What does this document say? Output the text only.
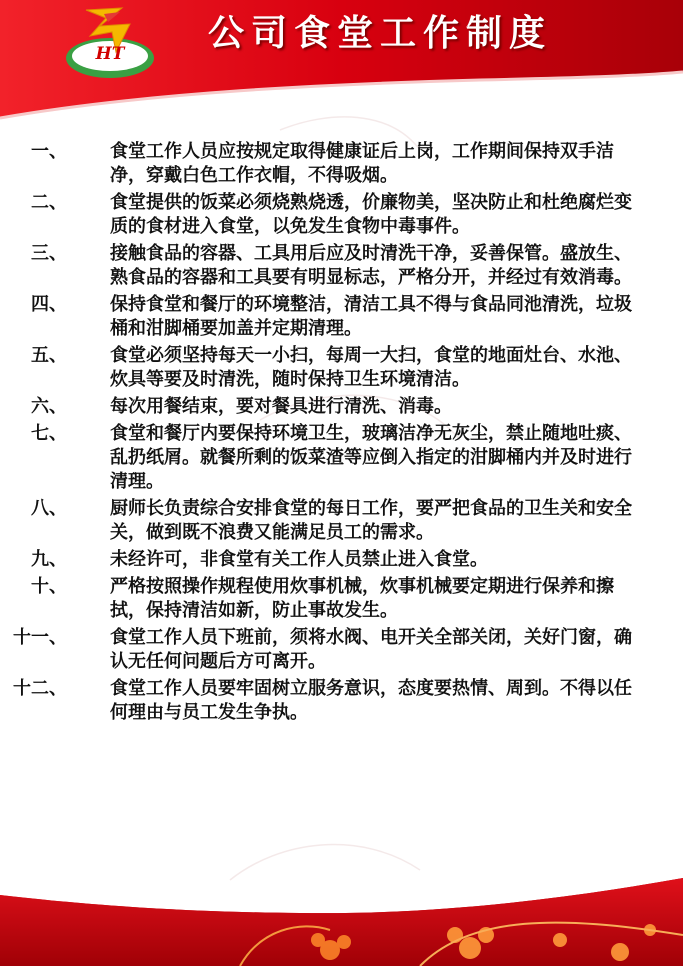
HT	公司食堂工作制度
一、 食堂工作人员应按规定取得健康证后上岗，工作期间保持双手洁净，穿戴白色工作衣帽，不得吸烟。
二、 食堂提供的饭菜必须烧熟烧透，价廉物美，坚决防止和杜绝腐烂变质的食材进入食堂，以免发生食物中毒事件。
三、 接触食品的容器、工具用后应及时清洗干净，妥善保管。盛放生、熟食品的容器和工具要有明显标志，严格分开，并经过有效消毒。
四、 保持食堂和餐厅的环境整洁，清洁工具不得与食品同池清洗，垃圾桶和泔脚桶要加盖并定期清理。
五、 食堂必须坚持每天一小扫，每周一大扫，食堂的地面灶台、水池、炊具等要及时清洗，随时保持卫生环境清洁。
六、 每次用餐结束，要对餐具进行清洗、消毒。
七、 食堂和餐厅内要保持环境卫生，玻璃洁净无灰尘，禁止随地吐痰、乱扔纸屑。就餐所剩的饭菜渣等应倒入指定的泔脚桶内并及时进行清理。
八、 厨师长负责综合安排食堂的每日工作，要严把食品的卫生关和安全关，做到既不浪费又能满足员工的需求。
九、 未经许可，非食堂有关工作人员禁止进入食堂。
十、 严格按照操作规程使用炊事机械，炊事机械要定期进行保养和擦拭，保持清洁如新，防止事故发生。
十一、 食堂工作人员下班前，须将水阀、电开关全部关闭，关好门窗，确认无任何问题后方可离开。
十二、 食堂工作人员要牢固树立服务意识，态度要热情、周到。不得以任何理由与员工发生争执。
